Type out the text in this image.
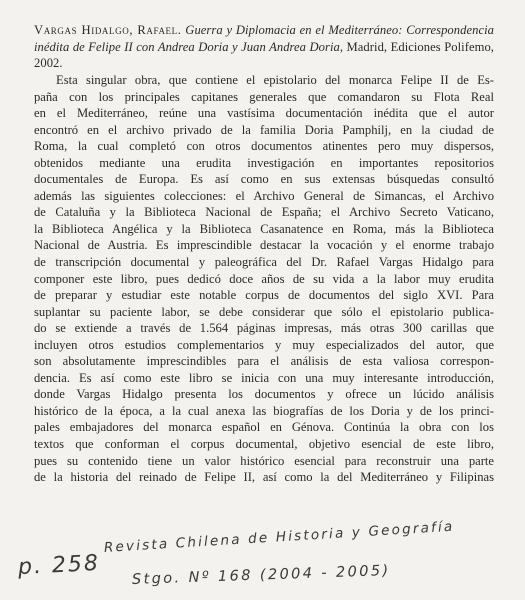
Vargas Hidalgo, Rafael. Guerra y Diplomacia en el Mediterráneo: Correspondencia inédita de Felipe II con Andrea Doria y Juan Andrea Doria, Madrid, Ediciones Polifemo, 2002.
Esta singular obra, que contiene el epistolario del monarca Felipe II de Es-
paña con los principales capitanes generales que comandaron su Flota Real
en el Mediterráneo, reúne una vastísima documentación inédita que el autor
encontró en el archivo privado de la familia Doria Pamphilj, en la ciudad de
Roma, la cual completó con otros documentos atinentes pero muy dispersos,
obtenidos mediante una erudita investigación en importantes repositorios
documentales de Europa. Es así como en sus extensas búsquedas consultó
además las siguientes colecciones: el Archivo General de Simancas, el Archivo
de Cataluña y la Biblioteca Nacional de España; el Archivo Secreto Vaticano,
la Biblioteca Angélica y la Biblioteca Casanatence en Roma, más la Biblioteca
Nacional de Austria. Es imprescindible destacar la vocación y el enorme trabajo
de transcripción documental y paleográfica del Dr. Rafael Vargas Hidalgo para
componer este libro, pues dedicó doce años de su vida a la labor muy erudita
de preparar y estudiar este notable corpus de documentos del siglo XVI. Para
suplantar su paciente labor, se debe considerar que sólo el epistolario publica-
do se extiende a través de 1.564 páginas impresas, más otras 300 carillas que
incluyen otros estudios complementarios y muy especializados del autor, que
son absolutamente imprescindibles para el análisis de esta valiosa correspon-
dencia. Es así como este libro se inicia con una muy interesante introducción,
donde Vargas Hidalgo presenta los documentos y ofrece un lúcido análisis
histórico de la época, a la cual anexa las biografías de los Doria y de los princi-
pales embajadores del monarca español en Génova. Continúa la obra con los
textos que conforman el corpus documental, objetivo esencial de este libro,
pues su contenido tiene un valor histórico esencial para reconstruir una parte
de la historia del reinado de Felipe II, así como la del Mediterráneo y Filipinas
p. 258
Revista Chilena de Historia y Geografía
Stgo. Nº 168 (2004 - 2005)
